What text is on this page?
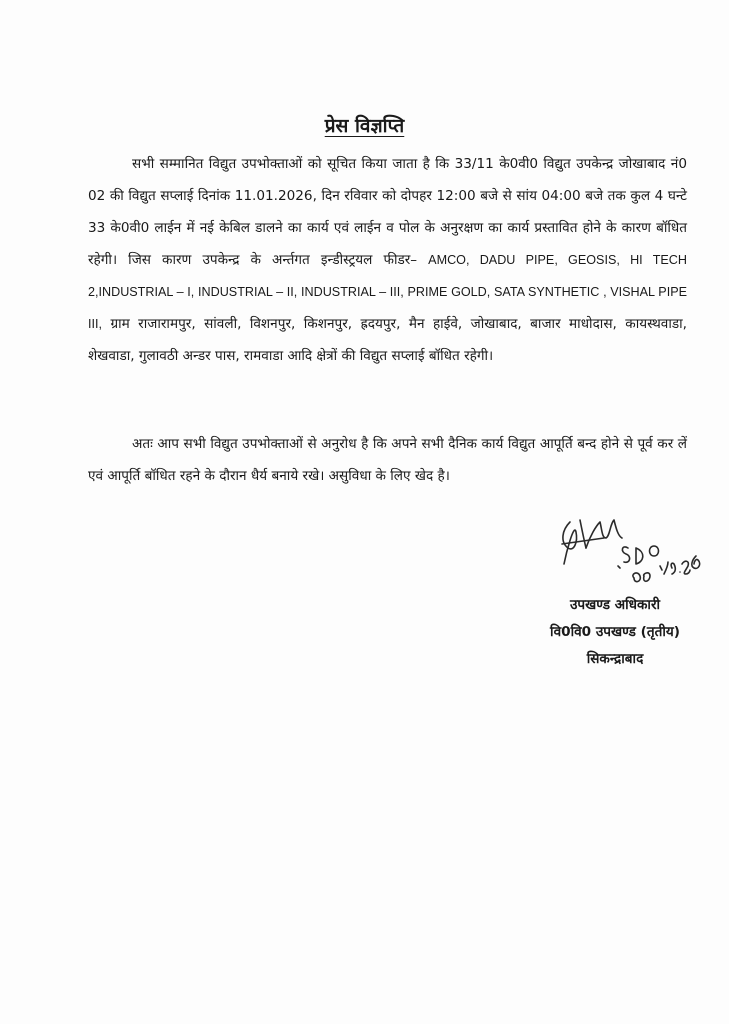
प्रेस विज्ञप्ति

सभी सम्मानित विद्युत उपभोक्ताओं को सूचित किया जाता है कि 33/11 के0वी0 विद्युत उपकेन्द्र जोखाबाद नं0 02 की विद्युत सप्लाई दिनांक 11.01.2026, दिन रविवार को दोपहर 12:00 बजे से सांय 04:00 बजे तक कुल 4 घन्टे 33 के0वी0 लाईन में नई केबिल डालने का कार्य एवं लाईन व पोल के अनुरक्षण का कार्य प्रस्तावित होने के कारण बॉधित रहेगी। जिस कारण उपकेन्द्र के अर्न्तगत इन्डीस्ट्रयल फीडर– AMCO, DADU PIPE, GEOSIS, HI TECH 2,INDUSTRIAL – I, INDUSTRIAL – II, INDUSTRIAL – III, PRIME GOLD, SATA SYNTHETIC , VISHAL PIPE III, ग्राम राजारामपुर, सांवली, विशनपुर, किशनपुर, ह्रदयपुर, मैन हाईवे, जोखाबाद, बाजार माधोदास, कायस्थवाडा, शेखवाडा, गुलावठी अन्डर पास, रामवाडा आदि क्षेत्रों की विद्युत सप्लाई बॉधित रहेगी।

अतः आप सभी विद्युत उपभोक्ताओं से अनुरोध है कि अपने सभी दैनिक कार्य विद्युत आपूर्ति बन्द होने से पूर्व कर लें एवं आपूर्ति बॉधित रहने के दौरान धैर्य बनाये रखे। असुविधा के लिए खेद है।

उपखण्ड अधिकारी
वि0वि0 उपखण्ड (तृतीय)
सिकन्द्राबाद
